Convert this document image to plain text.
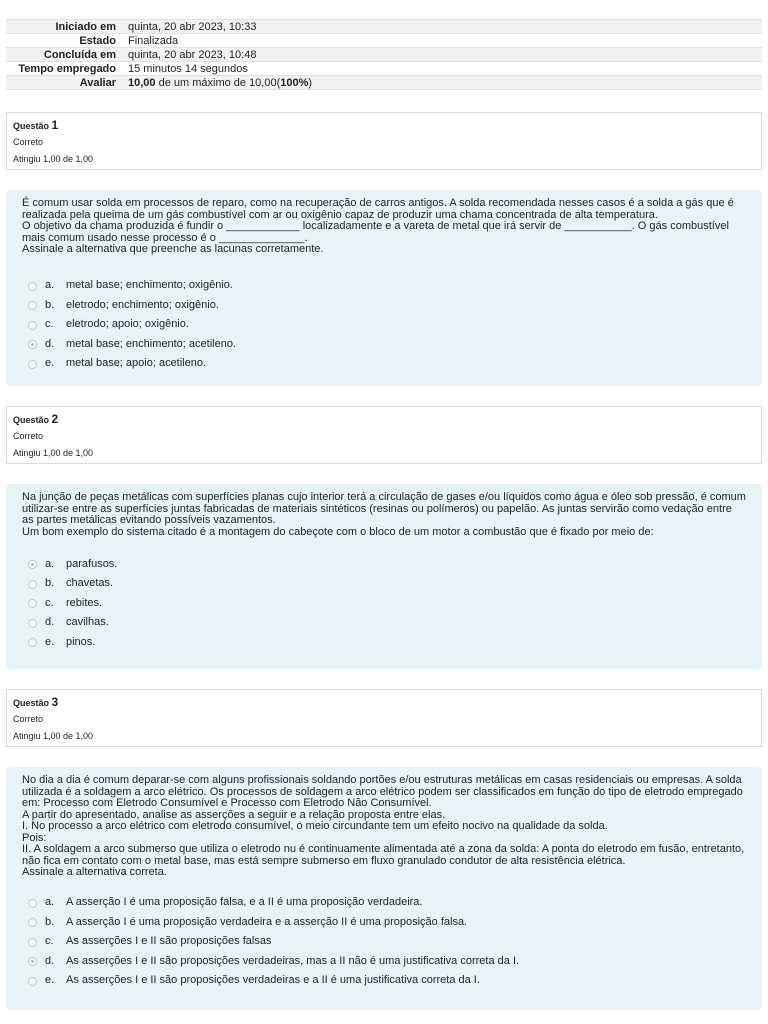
Iniciado em	quinta, 20 abr 2023, 10:33
Estado	Finalizada
Concluída em	quinta, 20 abr 2023, 10:48
Tempo empregado	15 minutos 14 segundos
Avaliar	10,00 de um máximo de 10,00(100%)
Questão 1
Correto
Atingiu 1,00 de 1,00

É comum usar solda em processos de reparo, como na recuperação de carros antigos. A solda recomendada nesses casos é a solda a gás que é realizada pela queima de um gás combustível com ar ou oxigênio capaz de produzir uma chama concentrada de alta temperatura.

O objetivo da chama produzida é fundir o ____________ localizadamente e a vareta de metal que irá servir de ___________. O gás combustível mais comum usado nesse processo é o ______________.

Assinale a alternativa que preenche as lacunas corretamente.

a.	metal base; enchimento; oxigênio.
b.	eletrodo; enchimento; oxigênio.
c.	eletrodo; apoio; oxigênio.
d.	metal base; enchimento; acetileno.
e.	metal base; apoio; acetileno.
Questão 2
Correto
Atingiu 1,00 de 1,00

Na junção de peças metálicas com superfícies planas cujo interior terá a circulação de gases e/ou líquidos como água e óleo sob pressão, é comum utilizar-se entre as superfícies juntas fabricadas de materiais sintéticos (resinas ou polímeros) ou papelão. As juntas servirão como vedação entre as partes metálicas evitando possíveis vazamentos.

Um bom exemplo do sistema citado é a montagem do cabeçote com o bloco de um motor a combustão que é fixado por meio de:

a.	parafusos.
b.	chavetas.
c.	rebites.
d.	cavilhas.
e.	pinos.
Questão 3
Correto
Atingiu 1,00 de 1,00

No dia a dia é comum deparar-se com alguns profissionais soldando portões e/ou estruturas metálicas em casas residenciais ou empresas. A solda utilizada é a soldagem a arco elétrico. Os processos de soldagem a arco elétrico podem ser classificados em função do tipo de eletrodo empregado em: Processo com Eletrodo Consumível e Processo com Eletrodo Não Consumível.

A partir do apresentado, analise as asserções a seguir e a relação proposta entre elas.

I. No processo a arco elétrico com eletrodo consumível, o meio circundante tem um efeito nocivo na qualidade da solda.

Pois:

II. A soldagem a arco submerso que utiliza o eletrodo nu é continuamente alimentada até a zona da solda: A ponta do eletrodo em fusão, entretanto, não fica em contato com o metal base, mas está sempre submerso em fluxo granulado condutor de alta resistência elétrica.

Assinale a alternativa correta.

a.	A asserção I é uma proposição falsa, e a II é uma proposição verdadeira.
b.	A asserção I é uma proposição verdadeira e a asserção II é uma proposição falsa.
c.	As asserções I e II são proposições falsas
d.	As asserções I e II são proposições verdadeiras, mas a II não é uma justificativa correta da I.
e.	As asserções I e II são proposições verdadeiras e a II é uma justificativa correta da I.
